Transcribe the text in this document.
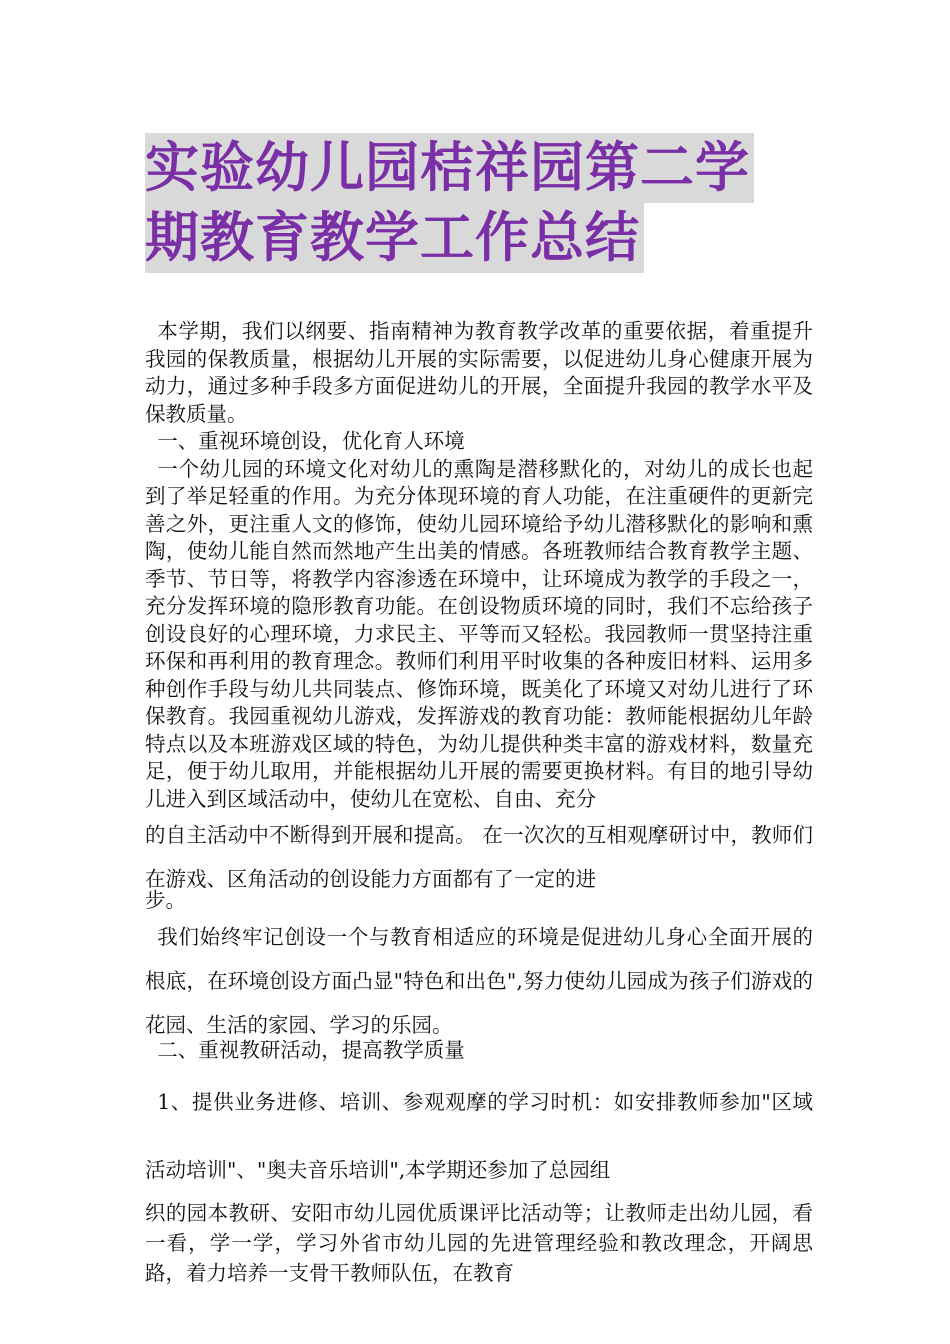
实验幼儿园桔祥园第二学
期教育教学工作总结

本学期，我们以纲要、指南精神为教育教学改革的重要依据，着重提升我园的保教质量，根据幼儿开展的实际需要，以促进幼儿身心健康开展为动力，通过多种手段多方面促进幼儿的开展，全面提升我园的教学水平及保教质量。

一、重视环境创设，优化育人环境

一个幼儿园的环境文化对幼儿的熏陶是潜移默化的，对幼儿的成长也起到了举足轻重的作用。为充分体现环境的育人功能，在注重硬件的更新完善之外，更注重人文的修饰，使幼儿园环境给予幼儿潜移默化的影响和熏陶，使幼儿能自然而然地产生出美的情感。各班教师结合教育教学主题、季节、节日等，将教学内容渗透在环境中，让环境成为教学的手段之一，充分发挥环境的隐形教育功能。在创设物质环境的同时，我们不忘给孩子创设良好的心理环境，力求民主、平等而又轻松。我园教师一贯坚持注重环保和再利用的教育理念。教师们利用平时收集的各种废旧材料、运用多种创作手段与幼儿共同装点、修饰环境，既美化了环境又对幼儿进行了环保教育。我园重视幼儿游戏，发挥游戏的教育功能：教师能根据幼儿年龄特点以及本班游戏区域的特色，为幼儿提供种类丰富的游戏材料，数量充足，便于幼儿取用，并能根据幼儿开展的需要更换材料。有目的地引导幼儿进入到区域活动中，使幼儿在宽松、自由、充分

的自主活动中不断得到开展和提高。 在一次次的互相观摩研讨中，教师们在游戏、区角活动的创设能力方面都有了一定的进

步。

我们始终牢记创设一个与教育相适应的环境是促进幼儿身心全面开展的根底，在环境创设方面凸显"特色和出色",努力使幼儿园成为孩子们游戏的花园、生活的家园、学习的乐园。

二、重视教研活动，提高教学质量

1、提供业务进修、培训、参观观摩的学习时机：如安排教师参加"区域活动培训"、"奥夫音乐培训",本学期还参加了总园组

织的园本教研、安阳市幼儿园优质课评比活动等；让教师走出幼儿园，看一看，学一学，学习外省市幼儿园的先进管理经验和教改理念，开阔思路，着力培养一支骨干教师队伍，在教育
